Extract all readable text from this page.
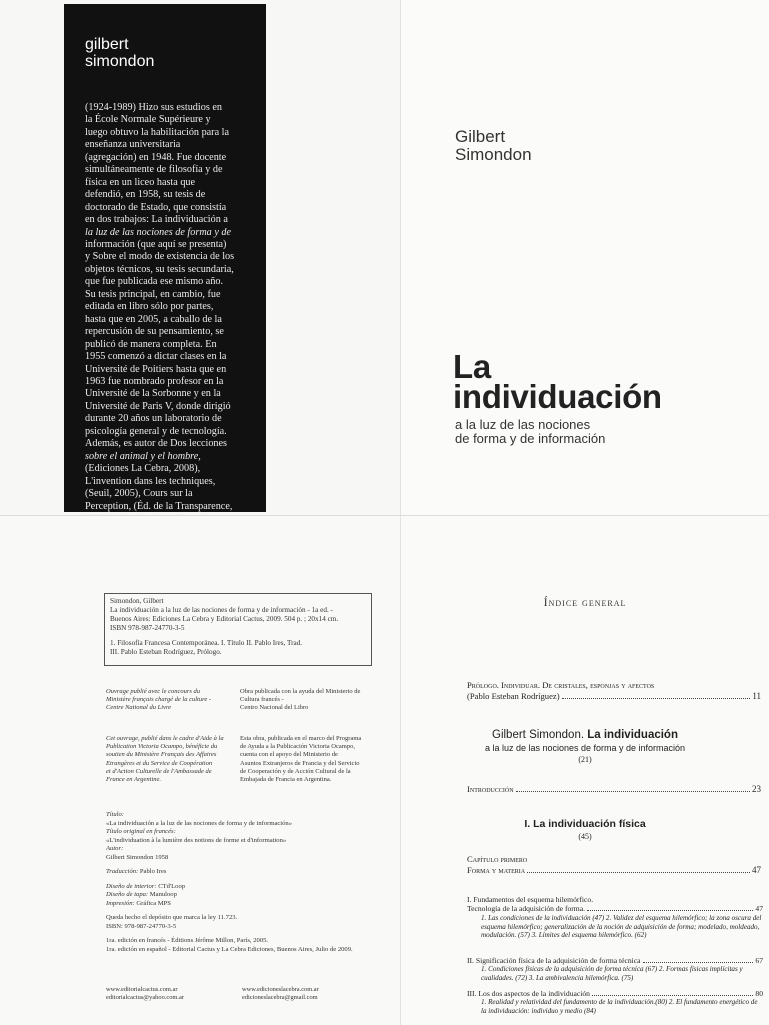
gilbert
simondon
(1924-1989) Hizo sus estudios en
la École Normale Supérieure y
luego obtuvo la habilitación para la
enseñanza universitaria
(agregación) en 1948. Fue docente
simultáneamente de filosofía y de
física en un liceo hasta que
defendió, en 1958, su tesis de
doctorado de Estado, que consistía
en dos trabajos: La individuación a
la luz de las nociones de forma y de
información (que aquí se presenta)
y Sobre el modo de existencia de los
objetos técnicos, su tesis secundaria,
que fue publicada ese mismo año.
Su tesis principal, en cambio, fue
editada en libro sólo por partes,
hasta que en 2005, a caballo de la
repercusión de su pensamiento, se
publicó de manera completa. En
1955 comenzó a dictar clases en la
Université de Poitiers hasta que en
1963 fue nombrado profesor en la
Université de la Sorbonne y en la
Université de Paris V, donde dirigió
durante 20 años un laboratorio de
psicología general y de tecnología.
Además, es autor de Dos lecciones
sobre el animal y el hombre,
(Ediciones La Cebra, 2008),
L'invention dans les techniques,
(Seuil, 2005), Cours sur la
Perception, (Éd. de la Transparence,
Gilbert
Simondon
La
individuación
a la luz de las nociones
de forma y de información
Simondon, Gilbert
La individuación a la luz de las nociones de forma y de información - 1a ed. -
Buenos Aires: Ediciones La Cebra y Editorial Cactus, 2009. 504 p. ; 20x14 cm.
ISBN 978-987-24770-3-5
1. Filosofía Francesa Contemporánea. I. Título II. Pablo Ires, Trad.
III. Pablo Esteban Rodríguez, Prólogo.
Ouvrage publié avec le concours du
Ministère français chargé de la culture -
Centre National du Livre
Obra publicada con la ayuda del Ministerio de
Cultura francés -
Centro Nacional del Libro
Cet ouvrage, publié dans le cadre d'Aide à la
Publication Victoria Ocampo, bénéficie du
soutien du Ministère Français des Affaires
Etrangères et du Service de Coopération
et d'Action Culturelle de l'Ambassade de
France en Argentine.
Esta obra, publicada en el marco del Programa
de Ayuda a la Publicación Victoria Ocampo,
cuenta con el apoyo del Ministerio de
Asuntos Extranjeros de Francia y del Servicio
de Cooperación y de Acción Cultural de la
Embajada de Francia en Argentina.
Título:
«La individuación a la luz de las nociones de forma y de información»
Título original en francés:
«L'individuation à la lumière des notions de forme et d'information»
Autor:
Gilbert Simondon 1958
Traducción: Pablo Ires
Diseño de interior: CTd'Loop
Diseño de tapa: Manuloop
Impresión: Gráfica MPS
Queda hecho el depósito que marca la ley 11.723.
ISBN: 978-987-24770-3-5
1ra. edición en francés - Éditions Jérôme Millon, París, 2005.
1ra. edición en español - Editorial Cactus y La Cebra Ediciones, Buenos Aires, Julio de 2009.
www.editorialcactus.com.ar
editorialcactus@yahoo.com.ar
www.edicioneslacebra.com.ar
edicioneslacebra@gmail.com
Índice general
Prólogo. Individuar. De cristales, esponjas y afectos
(Pablo Esteban Rodríguez)	11
Gilbert Simondon. La individuación
a la luz de las nociones de forma y de información
(21)
Introducción	23
I. La individuación física
(45)
Capítulo primero
Forma y materia	47
I. Fundamentos del esquema hilemórfico.
Tecnología de la adquisición de forma.	47
1. Las condiciones de la individuación (47) 2. Validez del esquema hilemórfico; la zona oscura del esquema hilemórfico; generalización de la noción de adquisición de forma; modelado, moldeado, modulación. (57) 3. Límites del esquema hilemórfico. (62)
II. Significación física de la adquisición de forma técnica	67
1. Condiciones físicas de la adquisición de forma técnica (67) 2. Formas físicas implícitas y cualidades. (72) 3. La ambivalencia hilemórfica. (75)
III. Los dos aspectos de la individuación	80
1. Realidad y relatividad del fundamento de la individuación.(80) 2. El fundamento energético de la individuación: individuo y medio (84)
